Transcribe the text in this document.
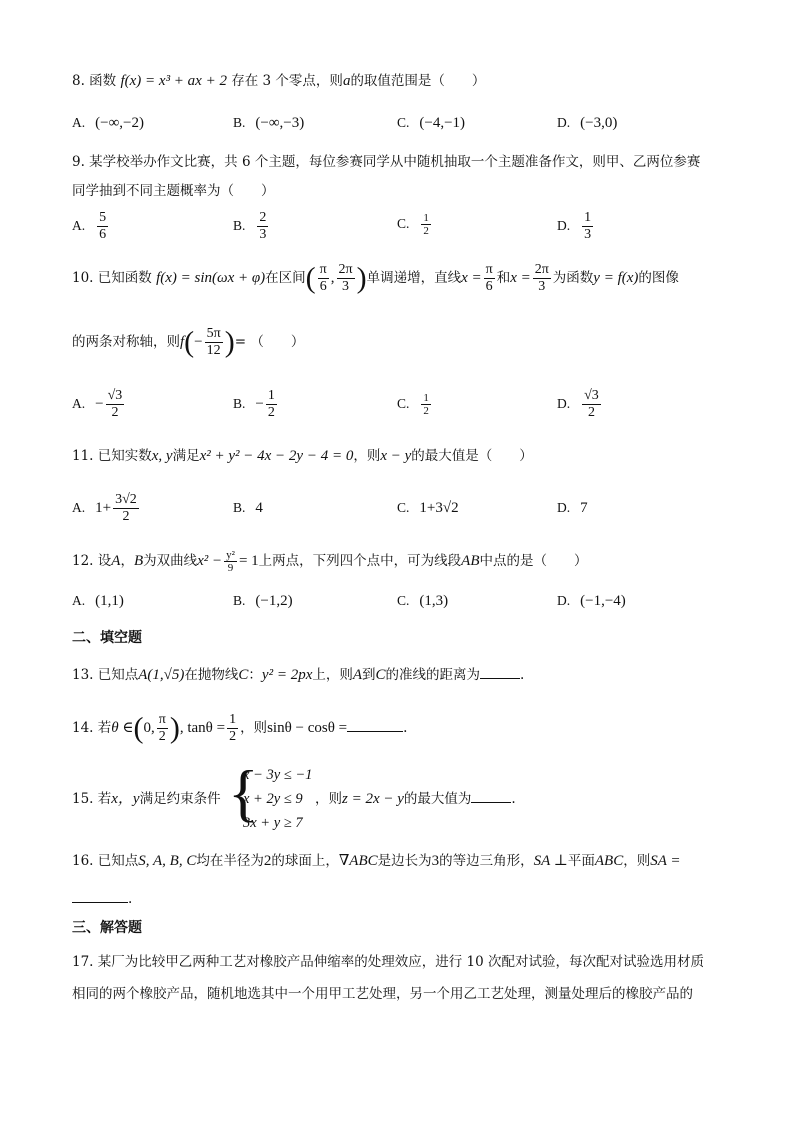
8. 函数 f(x) = x³ + ax + 2 存在 3 个零点，则a的取值范围是（　　）
A. (−∞,−2)	B. (−∞,−3)	C. (−4,−1)	D. (−3,0)
9. 某学校举办作文比赛，共 6 个主题，每位参赛同学从中随机抽取一个主题准备作文，则甲、乙两位参赛
同学抽到不同主题概率为（　　）
A. $\frac{5}{6}$	B. $\frac{2}{3}$	C. $\frac{1}{2}$	D. $\frac{1}{3}$
10. 已知函数 f(x) = sin(ωx + φ)在区间( $\frac{\pi}{6}$ , $\frac{2\pi}{3}$ )单调递增，直线$x = \frac{\pi}{6}$ 和$x = \frac{2\pi}{3}$ 为函数y = f(x)的图像
的两条对称轴，则$f(- \frac{5\pi}{12}$ )= （　　）
A. − $\frac{√3}{2}$	B. − $\frac{1}{2}$	C. $\frac{1}{2}$	D. $\frac{√3}{2}$
11. 已知实数x, y满足x² + y² − 4x − 2y − 4 = 0，则x − y的最大值是（　　）
A. $1+ \frac{3√2}{2}$	B. 4	C. 1+3√2	D. 7
12. 设A，B为双曲线$x^2 - \frac{\text{y²}}{9} = 1$上两点，下列四个点中，可为线段AB中点的是（　　）
A. (1,1)	B. (−1,2)	C. (1,3)	D. (−1,−4)
二、填空题
13. 已知点A(1,√5)在抛物线C：y² = 2px上，则A到C的准线的距离为	.
14. 若θ ∈(0, $\frac{\pi}{2}$ ), $\tan\theta = \frac{1}{2}$ ，则sinθ − cosθ =	.
15. 若x，y满足约束条件 {
x − 3y ≤ −1
x + 2y ≤ 9
3x + y ≥ 7
，则z = 2x − y的最大值为	.
16. 已知点S, A, B, C均在半径为2的球面上，∇ABC是边长为3的等边三角形，SA ⊥平面ABC，则SA =
.
三、解答题
17. 某厂为比较甲乙两种工艺对橡胶产品伸缩率的处理效应，进行 10 次配对试验，每次配对试验选用材质
相同的两个橡胶产品，随机地选其中一个用甲工艺处理，另一个用乙工艺处理，测量处理后的橡胶产品的
